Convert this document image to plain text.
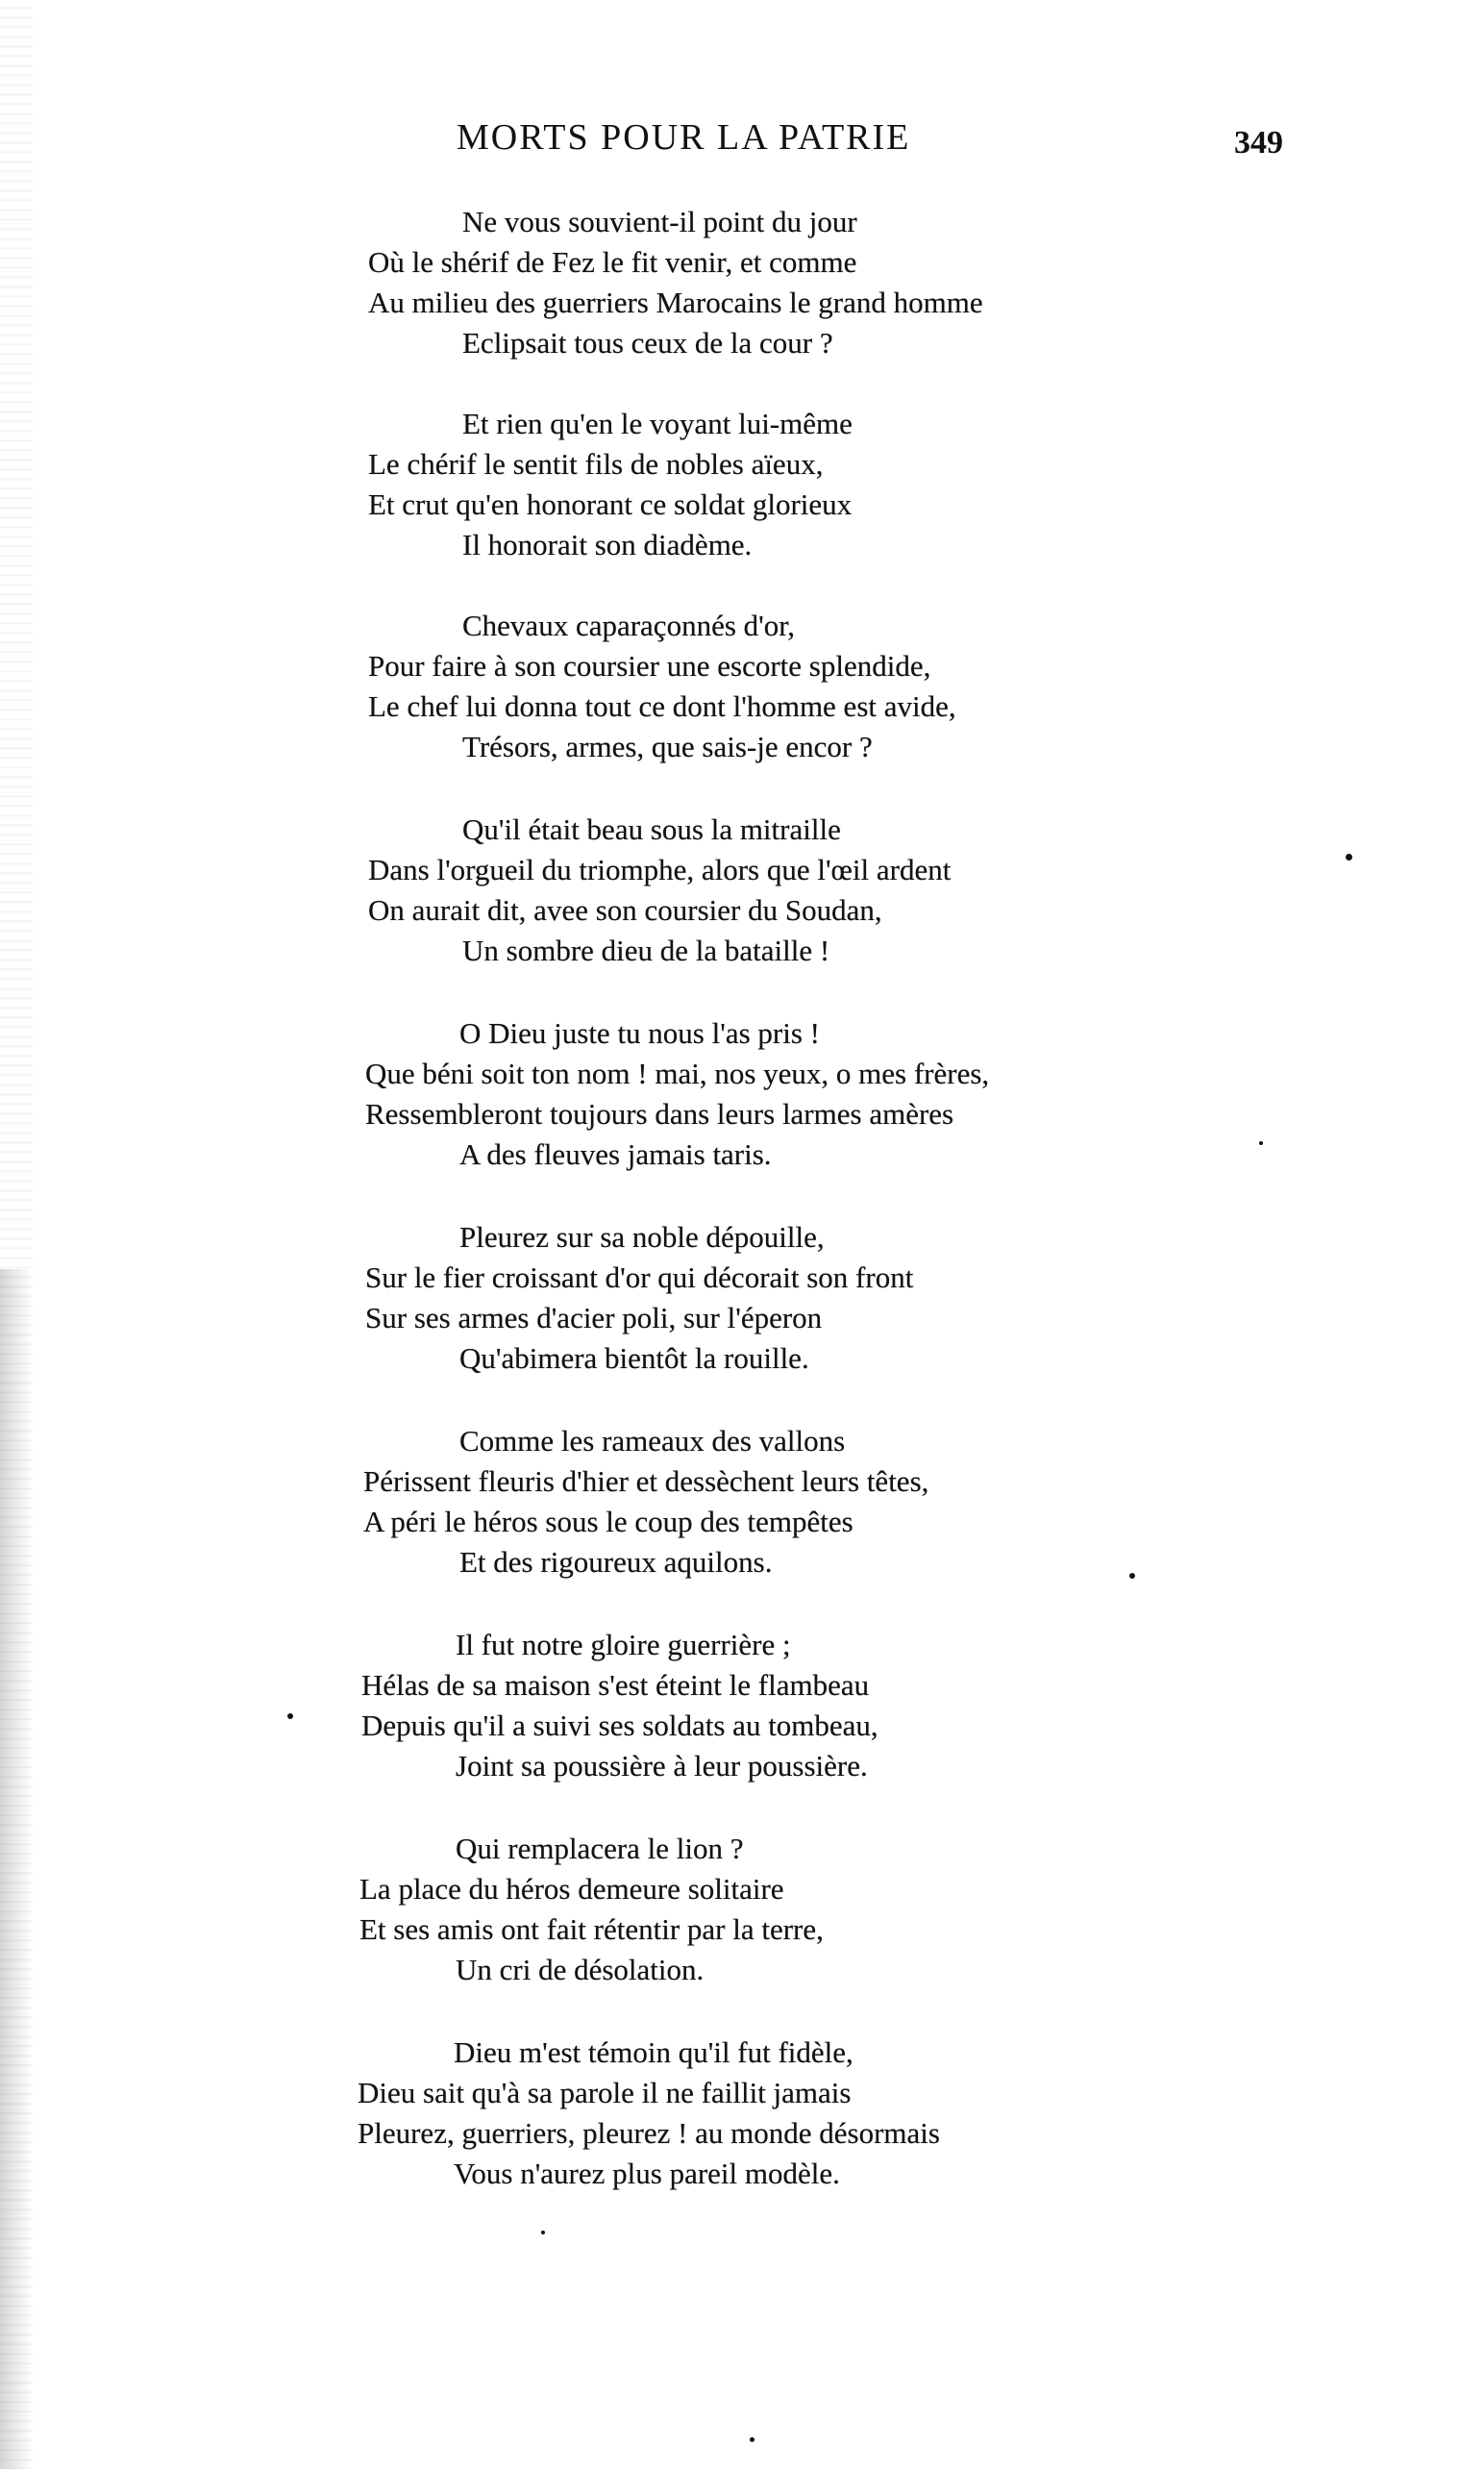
MORTS POUR LA PATRIE	349
Ne vous souvient-il point du jour
Où le shérif de Fez le fit venir, et comme
Au milieu des guerriers Marocains le grand homme
Eclipsait tous ceux de la cour ?
Et rien qu'en le voyant lui-même
Le chérif le sentit fils de nobles aïeux,
Et crut qu'en honorant ce soldat glorieux
Il honorait son diadème.
Chevaux caparaçonnés d'or,
Pour faire à son coursier une escorte splendide,
Le chef lui donna tout ce dont l'homme est avide,
Trésors, armes, que sais-je encor ?
Qu'il était beau sous la mitraille
Dans l'orgueil du triomphe, alors que l'œil ardent
On aurait dit, avee son coursier du Soudan,
Un sombre dieu de la bataille !
O Dieu juste tu nous l'as pris !
Que béni soit ton nom ! mai, nos yeux, o mes frères,
Ressembleront toujours dans leurs larmes amères
A des fleuves jamais taris.
Pleurez sur sa noble dépouille,
Sur le fier croissant d'or qui décorait son front
Sur ses armes d'acier poli, sur l'éperon
Qu'abimera bientôt la rouille.
Comme les rameaux des vallons
Périssent fleuris d'hier et dessèchent leurs têtes,
A péri le héros sous le coup des tempêtes
Et des rigoureux aquilons.
Il fut notre gloire guerrière ;
Hélas de sa maison s'est éteint le flambeau
Depuis qu'il a suivi ses soldats au tombeau,
Joint sa poussière à leur poussière.
Qui remplacera le lion ?
La place du héros demeure solitaire
Et ses amis ont fait rétentir par la terre,
Un cri de désolation.
Dieu m'est témoin qu'il fut fidèle,
Dieu sait qu'à sa parole il ne faillit jamais
Pleurez, guerriers, pleurez ! au monde désormais
Vous n'aurez plus pareil modèle.
